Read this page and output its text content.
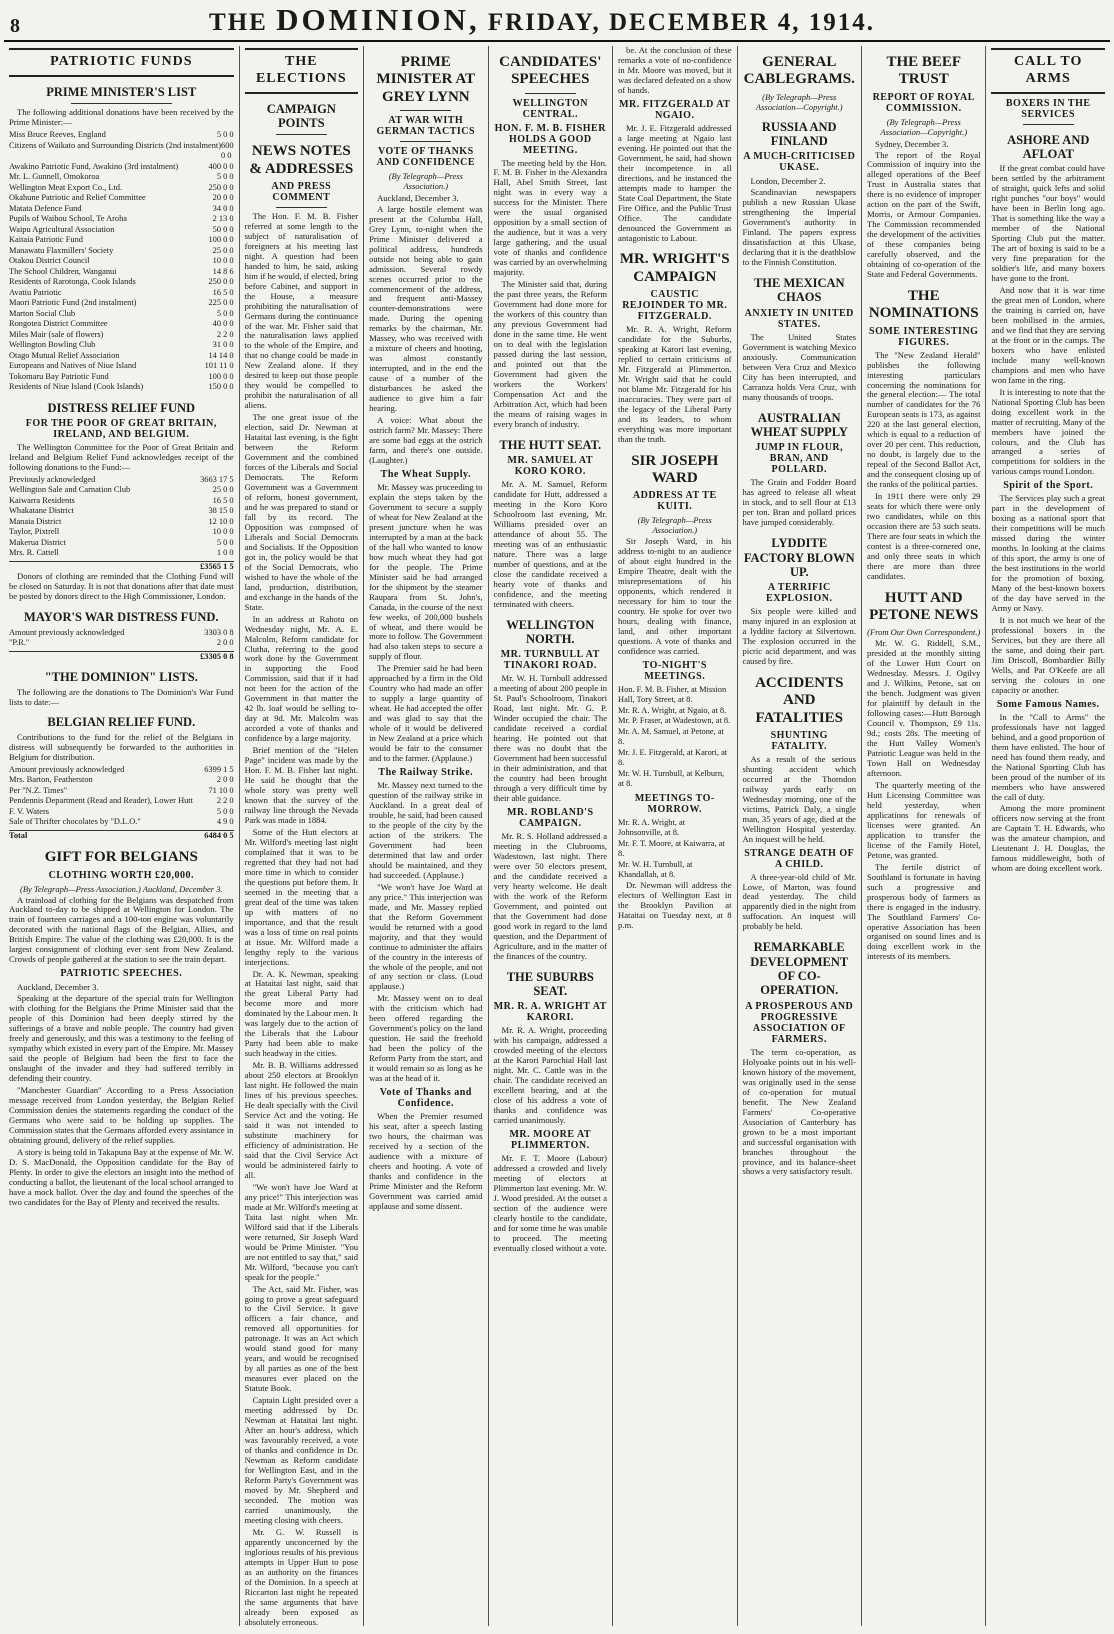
8	THE DOMINION, FRIDAY, DECEMBER 4, 1914.
PATRIOTIC FUNDS
PRIME MINISTER'S LIST

The following additional donations have been received by the Prime Minister:—

Miss Bruce Reeves, England	5 0 0
Citizens of Waikato and Surrounding Districts (2nd instalment) 600 0 0
Awakino Patriotic Fund, Awakino (3rd instalment)	400 0 0
Mr. L. Gunnell, Omokoroa	5 0 0
Wellington Meat Export Co., Ltd.	250 0 0
Okahune Patriotic and Relief Committee	20 0 0
Matata Defence Fund	34 0 0
Pupils of Waihou School, Te Aroha	2 13 0
Waipu Agricultural Association	50 0 0
Kaitaia Patriotic Fund	100 0 0
Manawatu Flaxmillers' Society	25 0 0
Otakou District Council	10 0 0
The School Children, Wanganui	14 8 6
Residents of Rarotonga, Cook Islands	250 0 0
Avatiu Patriotic	16 5 0
Maori Patriotic Fund (2nd instalment)	225 0 0
Marton Social Club	5 0 0
Rongotea District Committee	40 0 0
Miles Mair (sale of flowers)	2 2 0
Wellington Bowling Club	31 0 0
Otago Mutual Relief Association	14 14 0
Europeans and Natives of Niue Island	101 11 0
Tokomaru Bay Patriotic Fund	100 0 0
Residents of Niue Island (Cook Islands)	150 0 0
DISTRESS RELIEF FUND
FOR THE POOR OF GREAT BRITAIN, IRELAND, AND BELGIUM.

The Wellington Committee for the Poor of Great Britain and Ireland and Belgium Relief Fund acknowledges receipt of the following donations to the Fund:—

Previously acknowledged	3663 17 5
Wellington Sale and Carnation Club	25 0 0
Kaiwarra Residents	16 5 0
Whakatane District	38 15 0
Manaia District	12 10 0
Taylor, Pixtrell	10 0 0
Makerua District	5 0 0
Mrs. R. Cattell	1 0 0
£3565 1 5

Donors of clothing are reminded that the Clothing Fund will be closed on Saturday. It is not that donations after that date must be posted by donors direct to the High Commissioner, London.

MAYOR'S WAR DISTRESS FUND.
Amount previously acknowledged	3303 0 8
"P.R."	2 0 0
£3305 0 8
"THE DOMINION" LISTS.

The following are the donations to The Dominion's War Fund lists to date:—

BELGIAN RELIEF FUND.

Contributions to the fund for the relief of the Belgians in distress will subsequently be forwarded to the authorities in Belgium for distribution.

Amount previously acknowledged	6399 1 5
Mrs. Barton, Featherston	2 0 0
Per "N.Z. Times"	71 10 0
Pendennis Department (Read and Reader), Lower Hutt	2 2 0
F. V. Waters	5 0 0
Sale of Thrifter chocolates by "D.L.O."	4 9 0
Total	6484 0 5
GIFT FOR BELGIANS
CLOTHING WORTH £20,000.
(By Telegraph—Press Association.) Auckland, December 3.

A trainload of clothing for the Belgians was despatched from Auckland to-day to be shipped at Wellington for London. The train of fourteen carriages and a 100-ton engine was voluntarily decorated with the national flags of the Belgian, Allies, and British Empire. The value of the clothing was £20,000. It is the largest consignment of clothing ever sent from New Zealand. Crowds of people gathered at the station to see the train depart.

PATRIOTIC SPEECHES.
Auckland, December 3.

Speaking at the departure of the special train for Wellington with clothing for the Belgians the Prime Minister said that the people of this Dominion had been deeply stirred by the sufferings of a brave and noble people. The country had given freely and generously, and this was a testimony to the feeling of sympathy which existed in every part of the Empire. Mr. Massey said the people of Belgium had been the first to face the onslaught of the invader and they had suffered terribly in defending their country.

"Manchester Guardian" According to a Press Association message received from London yesterday, the Belgian Relief Commission denies the statements regarding the conduct of the Germans who were said to be holding up supplies. The Commission states that the Germans afforded every assistance in obtaining ground, delivery of the relief supplies.

A story is being told in Takapuna Bay at the expense of Mr. W. D. S. MacDonald, the Opposition candidate for the Bay of Plenty. In order to give the electors an insight into the method of conducting a ballot, the lieutenant of the local school arranged to have a mock ballot. Over the day and found the speeches of the two candidates for the Bay of Plenty and received the results.

THE ELECTIONS
CAMPAIGN POINTS
NEWS NOTES & ADDRESSES
AND PRESS COMMENT

The Hon. F. M. B. Fisher referred at some length to the subject of naturalisation of foreigners at his meeting last night. A question had been handed to him, he said, asking him if he would, if elected, bring before Cabinet, and support in the House, a measure prohibiting the naturalisation of Germans during the continuance of the war. Mr. Fisher said that the naturalisation laws applied to the whole of the Empire, and that no change could be made in New Zealand alone. If they desired to keep out those people they would be compelled to prohibit the naturalisation of all aliens.

The one great issue of the election, said Dr. Newman at Hataitai last evening, is the fight between the Reform Government and the combined forces of the Liberals and Social Democrats. The Reform Government was a Government of reform, honest government, and he was prepared to stand or fall by its record. The Opposition was composed of Liberals and Social Democrats and Socialists. If the Opposition got in, the policy would be that of the Social Democrats, who wished to have the whole of the land, production, distribution, and exchange in the hands of the State.

In an address at Rahotu on Wednesday night, Mr. A. E. Malcolm, Reform candidate for Clutha, referring to the good work done by the Government in supporting the Food Commission, said that if it had not been for the action of the Government in that matter the 42 lb. loaf would be selling to-day at 9d. Mr. Malcolm was accorded a vote of thanks and confidence by a large majority.

Brief mention of the "Helen Page" incident was made by the Hon. F. M. B. Fisher last night. He said he thought that the whole story was pretty well known that the survey of the railway line through the Nevada Park was made in 1884.

Some of the Hutt electors at Mr. Wilford's meeting last night complained that it was to be regretted that they had not had more time in which to consider the questions put before them. It seemed in the meeting that a great deal of the time was taken up with matters of no importance, and that the result was a loss of time on real points at issue. Mr. Wilford made a lengthy reply to the various interjections.

Dr. A. K. Newman, speaking at Hataitai last night, said that the great Liberal Party had become more and more dominated by the Labour men. It was largely due to the action of the Liberals that the Labour Party had been able to make such headway in the cities.

Mr. B. B. Williams addressed about 250 electors at Brooklyn last night. He followed the main lines of his previous speeches. He dealt specially with the Civil Service Act and the voting. He said it was not intended to substitute machinery for efficiency of administration. He said that the Civil Service Act would be administered fairly to all.

"We won't have Joe Ward at any price!" This interjection was made at Mr. Wilford's meeting at Taita last night when Mr. Wilford said that if the Liberals were returned, Sir Joseph Ward would be Prime Minister. "You are not entitled to say that," said Mr. Wilford, "because you can't speak for the people."

The Act, said Mr. Fisher, was going to prove a great safeguard to the Civil Service. It gave officers a fair chance, and removed all opportunities for patronage. It was an Act which would stand good for many years, and would be recognised by all parties as one of the best measures ever placed on the Statute Book.

Captain Light presided over a meeting addressed by Dr. Newman at Hataitai last night. After an hour's address, which was favourably received, a vote of thanks and confidence in Dr. Newman as Reform candidate for Wellington East, and in the Reform Party's Government was moved by Mr. Shepherd and seconded. The motion was carried unanimously, the meeting closing with cheers.

Mr. G. W. Russell is apparently unconcerned by the inglorious results of his previous attempts in Upper Hutt to pose as an authority on the finances of the Dominion. In a speech at Riccarton last night he repeated the same arguments that have already been exposed as absolutely erroneous.

PRIME MINISTER AT GREY LYNN
AT WAR WITH GERMAN TACTICS
VOTE OF THANKS AND CONFIDENCE
(By Telegraph—Press Association.)
Auckland, December 3.

A large hostile element was present at the Columba Hall, Grey Lynn, to-night when the Prime Minister delivered a political address, hundreds outside not being able to gain admission. Several rowdy scenes occurred prior to the commencement of the address, and frequent anti-Massey counter-demonstrations were made. During the opening remarks by the chairman, Mr. Massey, who was received with a mixture of cheers and hooting, was almost constantly interrupted, and in the end the cause of a number of the disturbances he asked the audience to give him a fair hearing.

A voice: What about the ostrich farm? Mr. Massey: There are some bad eggs at the ostrich farm, and there's one outside. (Laughter.)

The Wheat Supply.

Mr. Massey was proceeding to explain the steps taken by the Government to secure a supply of wheat for New Zealand at the present juncture when he was interrupted by a man at the back of the hall who wanted to know how much wheat they had got for the people. The Prime Minister said he had arranged for the shipment by the steamer Raupara from St. John's, Canada, in the course of the next few weeks, of 200,000 bushels of wheat, and there would be more to follow. The Government had also taken steps to secure a supply of flour.

The Premier said he had been approached by a firm in the Old Country who had made an offer to supply a large quantity of wheat. He had accepted the offer and was glad to say that the whole of it would be delivered in New Zealand at a price which would be fair to the consumer and to the farmer. (Applause.)

The Railway Strike.

Mr. Massey next turned to the question of the railway strike in Auckland. In a great deal of trouble, he said, had been caused to the people of the city by the action of the strikers. The Government had been determined that law and order should be maintained, and they had succeeded. (Applause.)

"We won't have Joe Ward at any price." This interjection was made, and Mr. Massey replied that the Reform Government would be returned with a good majority, and that they would continue to administer the affairs of the country in the interests of the whole of the people, and not of any section or class. (Loud applause.)

Mr. Massey went on to deal with the criticism which had been offered regarding the Government's policy on the land question. He said the freehold had been the policy of the Reform Party from the start, and it would remain so as long as he was at the head of it.

Vote of Thanks and Confidence.

When the Premier resumed his seat, after a speech lasting two hours, the chairman was received by a section of the audience with a mixture of cheers and hooting. A vote of thanks and confidence in the Prime Minister and the Reform Government was carried amid applause and some dissent.

CANDIDATES' SPEECHES
WELLINGTON CENTRAL.
HON. F. M. B. FISHER HOLDS A GOOD MEETING.

The meeting held by the Hon. F. M. B. Fisher in the Alexandra Hall, Abel Smith Street, last night was in every way a success for the Minister. There were the usual organised opposition by a small section of the audience, but it was a very large gathering, and the usual vote of thanks and confidence was carried by an overwhelming majority.

The Minister said that, during the past three years, the Reform Government had done more for the workers of this country than any previous Government had done in the same time. He went on to deal with the legislation passed during the last session, and pointed out that the Government had given the workers the Workers' Compensation Act and the Arbitration Act, which had been the means of raising wages in every branch of industry.

THE HUTT SEAT.
MR. SAMUEL AT KORO KORO.

Mr. A. M. Samuel, Reform candidate for Hutt, addressed a meeting in the Koro Koro Schoolroom last evening, Mr. Williams presided over an attendance of about 55. The meeting was of an enthusiastic nature. There was a large number of questions, and at the close the candidate received a hearty vote of thanks and confidence, and the meeting terminated with cheers.

WELLINGTON NORTH.
MR. TURNBULL AT TINAKORI ROAD.

Mr. W. H. Turnbull addressed a meeting of about 200 people in St. Paul's Schoolroom, Tinakori Road, last night. Mr. G. P. Winder occupied the chair. The candidate received a cordial hearing. He pointed out that there was no doubt that the Government had been successful in their administration, and that the country had been brought through a very difficult time by their able guidance.

MR. ROBLAND'S CAMPAIGN.

Mr. R. S. Holland addressed a meeting in the Clubrooms, Wadestown, last night. There were over 50 electors present, and the candidate received a very hearty welcome. He dealt with the work of the Reform Government, and pointed out that the Government had done good work in regard to the land question, and the Department of Agriculture, and in the matter of the finances of the country.

THE SUBURBS SEAT.
MR. R. A. WRIGHT AT KARORI.

Mr. R. A. Wright, proceeding with his campaign, addressed a crowded meeting of the electors at the Karori Parochial Hall last night. Mr. C. Cattle was in the chair. The candidate received an excellent hearing, and at the close of his address a vote of thanks and confidence was carried unanimously.

MR. MOORE AT PLIMMERTON.

Mr. F. T. Moore (Labour) addressed a crowded and lively meeting of electors at Plimmerton last evening. Mr. W. J. Wood presided. At the outset a section of the audience were clearly hostile to the candidate, and for some time he was unable to proceed. The meeting eventually closed without a vote.

be. At the conclusion of these remarks a vote of no-confidence in Mr. Moore was moved, but it was declared defeated on a show of hands.

MR. FITZGERALD AT NGAIO.

Mr. J. E. Fitzgerald addressed a large meeting at Ngaio last evening. He pointed out that the Government, he said, had shown their incompetence in all directions, and he instanced the attempts made to hamper the State Coal Department, the State Fire Office, and the Public Trust Office. The candidate denounced the Government as antagonistic to Labour.

MR. WRIGHT'S CAMPAIGN
CAUSTIC REJOINDER TO MR. FITZGERALD.

Mr. R. A. Wright, Reform candidate for the Suburbs, speaking at Karori last evening, replied to certain criticisms of Mr. Fitzgerald at Plimmerton. Mr. Wright said that he could not blame Mr. Fitzgerald for his inaccuracies. They were part of the legacy of the Liberal Party and its leaders, to whom everything was more important than the truth.

SIR JOSEPH WARD
ADDRESS AT TE KUITI.
(By Telegraph—Press Association.)

Sir Joseph Ward, in his address to-night to an audience of about eight hundred in the Empire Theatre, dealt with the misrepresentations of his opponents, which rendered it necessary for him to tour the country. He spoke for over two hours, dealing with finance, land, and other important questions. A vote of thanks and confidence was carried.

TO-NIGHT'S MEETINGS.
Hon. F. M. B. Fisher, at Mission Hall, Tory Street, at 8.
Mr. R. A. Wright, at Ngaio, at 8.
Mr. P. Fraser, at Wadestown, at 8.
Mr. A. M. Samuel, at Petone, at 8.
Mr. J. E. Fitzgerald, at Karori, at 8.
Mr. W. H. Turnbull, at Kelburn, at 8.
MEETINGS TO-MORROW.
Mr. R. A. Wright, at Johnsonville, at 8.
Mr. F. T. Moore, at Kaiwarra, at 8.
Mr. W. H. Turnbull, at Khandallah, at 8.

Dr. Newman will address the electors of Wellington East in the Brooklyn Pavilion at Hataitai on Tuesday next, at 8 p.m.

GENERAL CABLEGRAMS.
(By Telegraph—Press Association—Copyright.)
RUSSIA AND FINLAND
A MUCH-CRITICISED UKASE.
London, December 2.

Scandinavian newspapers publish a new Russian Ukase strengthening the Imperial Government's authority in Finland. The papers express dissatisfaction at this Ukase, declaring that it is the deathblow to the Finnish Constitution.

THE MEXICAN CHAOS
ANXIETY IN UNITED STATES.

The United States Government is watching Mexico anxiously. Communication between Vera Cruz and Mexico City has been interrupted, and Carranza holds Vera Cruz, with many thousands of troops.

AUSTRALIAN WHEAT SUPPLY
JUMP IN FLOUR, BRAN, AND POLLARD.

The Grain and Fodder Board has agreed to release all wheat in stock, and to sell flour at £13 per ton. Bran and pollard prices have jumped considerably.

LYDDITE FACTORY BLOWN UP.
A TERRIFIC EXPLOSION.

Six people were killed and many injured in an explosion at a lyddite factory at Silvertown. The explosion occurred in the picric acid department, and was caused by fire.

ACCIDENTS AND FATALITIES
SHUNTING FATALITY.

As a result of the serious shunting accident which occurred at the Thorndon railway yards early on Wednesday morning, one of the victims, Patrick Daly, a single man, 35 years of age, died at the Wellington Hospital yesterday. An inquest will be held.

STRANGE DEATH OF A CHILD.

A three-year-old child of Mr. Lowe, of Marton, was found dead yesterday. The child apparently died in the night from suffocation. An inquest will probably be held.

REMARKABLE DEVELOPMENT OF CO-OPERATION.
A PROSPEROUS AND PROGRESSIVE ASSOCIATION OF FARMERS.

The term co-operation, as Holyoake points out in his well-known history of the movement, was originally used in the sense of co-operation for mutual benefit. The New Zealand Farmers' Co-operative Association of Canterbury has grown to be a most important and successful organisation with branches throughout the province, and its balance-sheet shows a very satisfactory result.

THE BEEF TRUST
REPORT OF ROYAL COMMISSION.
(By Telegraph—Press Association—Copyright.)
Sydney, December 3.

The report of the Royal Commission of inquiry into the alleged operations of the Beef Trust in Australia states that there is no evidence of improper action on the part of the Swift, Morris, or Armour Companies. The Commission recommended the development of the activities of these companies being carefully observed, and the obtaining of co-operation of the State and Federal Governments.

THE NOMINATIONS
SOME INTERESTING FIGURES.

The "New Zealand Herald" publishes the following interesting particulars concerning the nominations for the general election:— The total number of candidates for the 76 European seats is 173, as against 220 at the last general election, which is equal to a reduction of over 20 per cent. This reduction, no doubt, is largely due to the repeal of the Second Ballot Act, and the consequent closing up of the ranks of the political parties.

In 1911 there were only 29 seats for which there were only two candidates, while on this occasion there are 53 such seats. There are four seats in which the contest is a three-cornered one, and only three seats in which there are more than three candidates.

HUTT AND PETONE NEWS
(From Our Own Correspondent.)

Mr. W. G. Riddell, S.M., presided at the monthly sitting of the Lower Hutt Court on Wednesday. Messrs. J. Ogilvy and J. Wilkins, Petone, sat on the bench. Judgment was given for plaintiff by default in the following cases:—Hutt Borough Council v. Thompson, £9 11s. 9d.; costs 28s. The meeting of the Hutt Valley Women's Patriotic League was held in the Town Hall on Wednesday afternoon.

The quarterly meeting of the Hutt Licensing Committee was held yesterday, when applications for renewals of licenses were granted. An application to transfer the license of the Family Hotel, Petone, was granted.

The fertile district of Southland is fortunate in having such a progressive and prosperous body of farmers as there is engaged in the industry. The Southland Farmers' Co-operative Association has been organised on sound lines and is doing excellent work in the interests of its members.

CALL TO ARMS
BOXERS IN THE SERVICES
ASHORE AND AFLOAT

If the great combat could have been settled by the arbitrament of straight, quick lefts and solid right punches "our boys" would have been in Berlin long ago. That is something like the way a member of the National Sporting Club put the matter. The art of boxing is said to be a very fine preparation for the soldier's life, and many boxers have gone to the front.

And now that it is war time the great men of London, where the training is carried on, have been mobilised in the armies, and we find that they are serving at the front or in the camps. The boxers who have enlisted include many well-known champions and men who have won fame in the ring.

It is interesting to note that the National Sporting Club has been doing excellent work in the matter of recruiting. Many of the members have joined the colours, and the Club has arranged a series of competitions for soldiers in the various camps round London.

Spirit of the Sport.

The Services play such a great part in the development of boxing as a national sport that their competitions will be much missed during the winter months. In looking at the claims of this sport, the army is one of the best institutions in the world for the promotion of boxing. Many of the best-known boxers of the day have served in the Army or Navy.

It is not much we hear of the professional boxers in the Services, but they are there all the same, and doing their part. Jim Driscoll, Bombardier Billy Wells, and Pat O'Keefe are all serving the colours in one capacity or another.

Some Famous Names.

In the "Call to Arms" the professionals have not lagged behind, and a good proportion of them have enlisted. The hour of need has found them ready, and the National Sporting Club has been proud of the number of its members who have answered the call of duty.

Among the more prominent officers now serving at the front are Captain T. H. Edwards, who was the amateur champion, and Lieutenant J. H. Douglas, the famous middleweight, both of whom are doing excellent work.
